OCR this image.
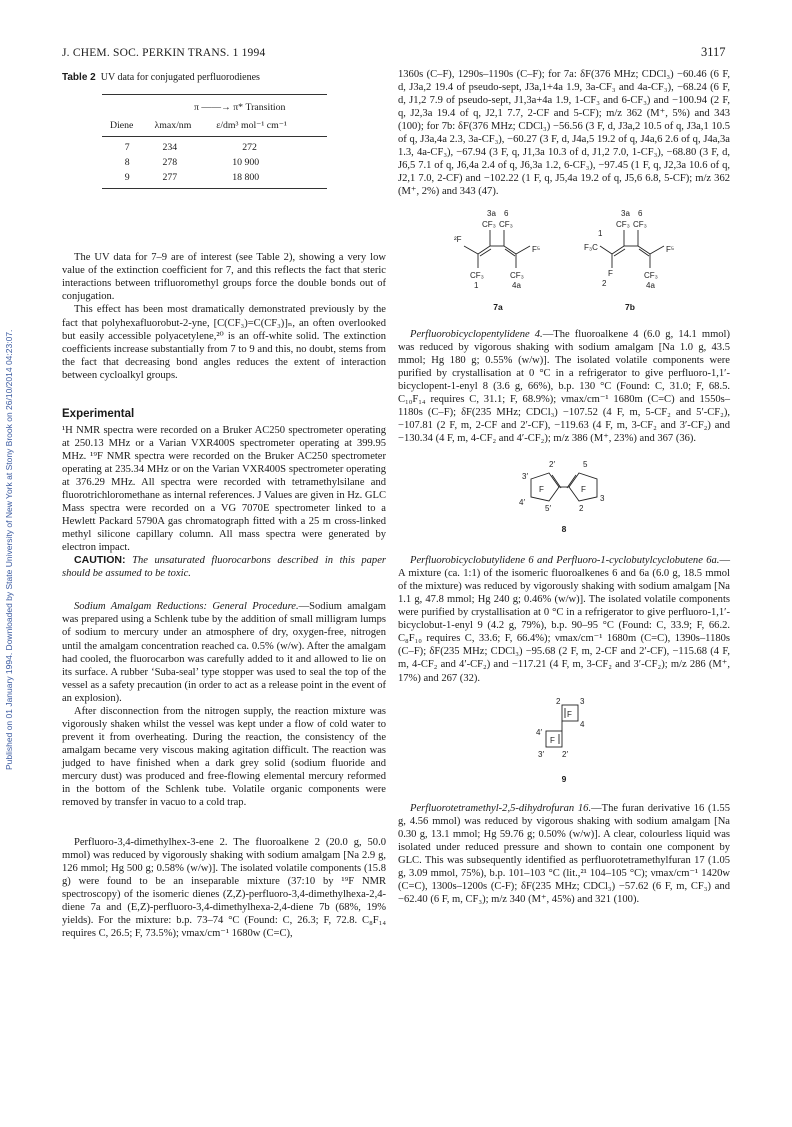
Published on 01 January 1994. Downloaded by State University of New York at Stony Brook on 26/10/2014 04:23:07.
J. CHEM. SOC. PERKIN TRANS. 1 1994	3117
Table 2 UV data for conjugated perfluorodienes
	π ——→ π* Transition	
Diene	λmax/nm	ε/dm³ mol⁻¹ cm⁻¹
7	234	272
8	278	10 900
9	277	18 800

The UV data for 7–9 are of interest (see Table 2), showing a very low value of the extinction coefficient for 7, and this reflects the fact that steric interactions between trifluoromethyl groups force the double bonds out of conjugation.

This effect has been most dramatically demonstrated previously by the fact that polyhexafluorobut-2-yne, [C(CF₃)=C(CF₃)]ₙ, an often overlooked but easily accessible polyacetylene,²⁰ is an off-white solid. The extinction coefficients increase substantially from 7 to 9 and this, no doubt, stems from the fact that decreasing bond angles reduces the extent of interaction between cycloalkyl groups.

Experimental

¹H NMR spectra were recorded on a Bruker AC250 spectrometer operating at 250.13 MHz or a Varian VXR400S spectrometer operating at 399.95 MHz. ¹⁹F NMR spectra were recorded on the Bruker AC250 spectrometer operating at 235.34 MHz or on the Varian VXR400S spectrometer operating at 376.29 MHz. All spectra were recorded with tetramethylsilane and fluorotrichloromethane as internal references. J Values are given in Hz. GLC Mass spectra were recorded on a VG 7070E spectrometer linked to a Hewlett Packard 5790A gas chromatograph fitted with a 25 m cross-linked methyl silicone capillary column. All mass spectra were generated by electron impact.

CAUTION: The unsaturated fluorocarbons described in this paper should be assumed to be toxic.

Sodium Amalgam Reductions: General Procedure.—Sodium amalgam was prepared using a Schlenk tube by the addition of small milligram lumps of sodium to mercury under an atmosphere of dry, oxygen-free, nitrogen until the amalgam concentration reached ca. 0.5% (w/w). After the amalgam had cooled, the fluorocarbon was carefully added to it and allowed to lie on its surface. A rubber ‘Suba-seal’ type stopper was used to seal the top of the vessel as a safety precaution (in order to act as a release point in the event of an explosion).

After disconnection from the nitrogen supply, the reaction mixture was vigorously shaken whilst the vessel was kept under a flow of cold water to prevent it from overheating. During the reaction, the consistency of the amalgam became very viscous making agitation difficult. The reaction was judged to have finished when a dark grey solid (sodium fluoride and mercury dust) was produced and free-flowing elemental mercury reformed in the bottom of the Schlenk tube. Volatile organic components were removed by transfer in vacuo to a cold trap.

Perfluoro-3,4-dimethylhex-3-ene 2. The fluoroalkene 2 (20.0 g, 50.0 mmol) was reduced by vigorously shaking with sodium amalgam [Na 2.9 g, 126 mmol; Hg 500 g; 0.58% (w/w)]. The isolated volatile components (15.8 g) were found to be an inseparable mixture (37:10 by ¹⁹F NMR spectroscopy) of the isomeric dienes (Z,Z)-perfluoro-3,4-dimethylhexa-2,4-diene 7a and (E,Z)-perfluoro-3,4-dimethylhexa-2,4-diene 7b (68%, 19% yields). For the mixture: b.p. 73–74 °C (Found: C, 26.3; F, 72.8. C₈F₁₄ requires C, 26.5; F, 73.5%); νmax/cm⁻¹ 1680w (C=C),

1360s (C–F), 1290s–1190s (C–F); for 7a: δF(376 MHz; CDCl₃) −60.46 (6 F, d, J3a,2 19.4 of pseudo-sept, J3a,1+4a 1.9, 3a-CF₃ and 4a-CF₃), −68.24 (6 F, d, J1,2 7.9 of pseudo-sept, J1,3a+4a 1.9, 1-CF₃ and 6-CF₃) and −100.94 (2 F, q, J2,3a 19.4 of q, J2,1 7.7, 2-CF and 5-CF); m/z 362 (M⁺, 5%) and 343 (100); for 7b: δF(376 MHz; CDCl₃) −56.56 (3 F, d, J3a,2 10.5 of q, J3a,1 10.5 of q, J3a,4a 2.3, 3a-CF₃), −60.27 (3 F, d, J4a,5 19.2 of q, J4a,6 2.6 of q, J4a,3a 1.3, 4a-CF₃), −67.94 (3 F, q, J1,3a 10.3 of d, J1,2 7.0, 1-CF₃), −68.80 (3 F, d, J6,5 7.1 of q, J6,4a 2.4 of q, J6,3a 1.2, 6-CF₃), −97.45 (1 F, q, J2,3a 10.6 of q, J2,1 7.0, 2-CF) and −102.22 (1 F, q, J5,4a 19.2 of q, J5,6 6.8, 5-CF); m/z 362 (M⁺, 2%) and 343 (47).

3a 6
CF₃ CF₃
²F
F⁵
CF₃	CF₃
1	4a
7a
3a 6
CF₃ CF₃
1
F₃C	F⁵
F	CF₃
2	4a
7b

Perfluorobicyclopentylidene 4.—The fluoroalkene 4 (6.0 g, 14.1 mmol) was reduced by vigorous shaking with sodium amalgam [Na 1.0 g, 43.5 mmol; Hg 180 g; 0.55% (w/w)]. The isolated volatile components were purified by crystallisation at 0 °C in a refrigerator to give perfluoro-1,1′-bicyclopent-1-enyl 8 (3.6 g, 66%), b.p. 130 °C (Found: C, 31.0; F, 68.5. C₁₀F₁₄ requires C, 31.1; F, 68.9%); νmax/cm⁻¹ 1680m (C=C) and 1550s–1180s (C–F); δF(235 MHz; CDCl₃) −107.52 (4 F, m, 5-CF₂ and 5′-CF₂), −107.81 (2 F, m, 2-CF and 2′-CF), −119.63 (4 F, m, 3-CF₂ and 3′-CF₂) and −130.34 (4 F, m, 4-CF₂ and 4′-CF₂); m/z 386 (M⁺, 23%) and 367 (36).

F	F
2′	5
3′
3
4′
5′	2
8

Perfluorobicyclobutylidene 6 and Perfluoro-1-cyclobutylcyclobutene 6a.—A mixture (ca. 1:1) of the isomeric fluoroalkenes 6 and 6a (6.0 g, 18.5 mmol of the mixture) was reduced by vigorously shaking with sodium amalgam [Na 1.1 g, 47.8 mmol; Hg 240 g; 0.46% (w/w)]. The isolated volatile components were purified by crystallisation at 0 °C in a refrigerator to give perfluoro-1,1′-bicyclobut-1-enyl 9 (4.2 g, 79%), b.p. 90–95 °C (Found: C, 33.9; F, 66.2. C₈F₁₀ requires C, 33.6; F, 66.4%); νmax/cm⁻¹ 1680m (C=C), 1390s–1180s (C–F); δF(235 MHz; CDCl₃) −95.68 (2 F, m, 2-CF and 2′-CF), −115.68 (4 F, m, 4-CF₂ and 4′-CF₂) and −117.21 (4 F, m, 3-CF₂ and 3′-CF₂); m/z 286 (M⁺, 17%) and 267 (32).

F
F
2 3
4
4′
3′ 2′
9

Perfluorotetramethyl-2,5-dihydrofuran 16.—The furan derivative 16 (1.55 g, 4.56 mmol) was reduced by vigorous shaking with sodium amalgam [Na 0.30 g, 13.1 mmol; Hg 59.76 g; 0.50% (w/w)]. A clear, colourless liquid was isolated under reduced pressure and shown to contain one component by GLC. This was subsequently identified as perfluorotetramethylfuran 17 (1.05 g, 3.09 mmol, 75%), b.p. 101–103 °C (lit.,²¹ 104–105 °C); νmax/cm⁻¹ 1420w (C=C), 1300s–1200s (C-F); δF(235 MHz; CDCl₃) −57.62 (6 F, m, CF₃) and −62.40 (6 F, m, CF₃); m/z 340 (M⁺, 45%) and 321 (100).
